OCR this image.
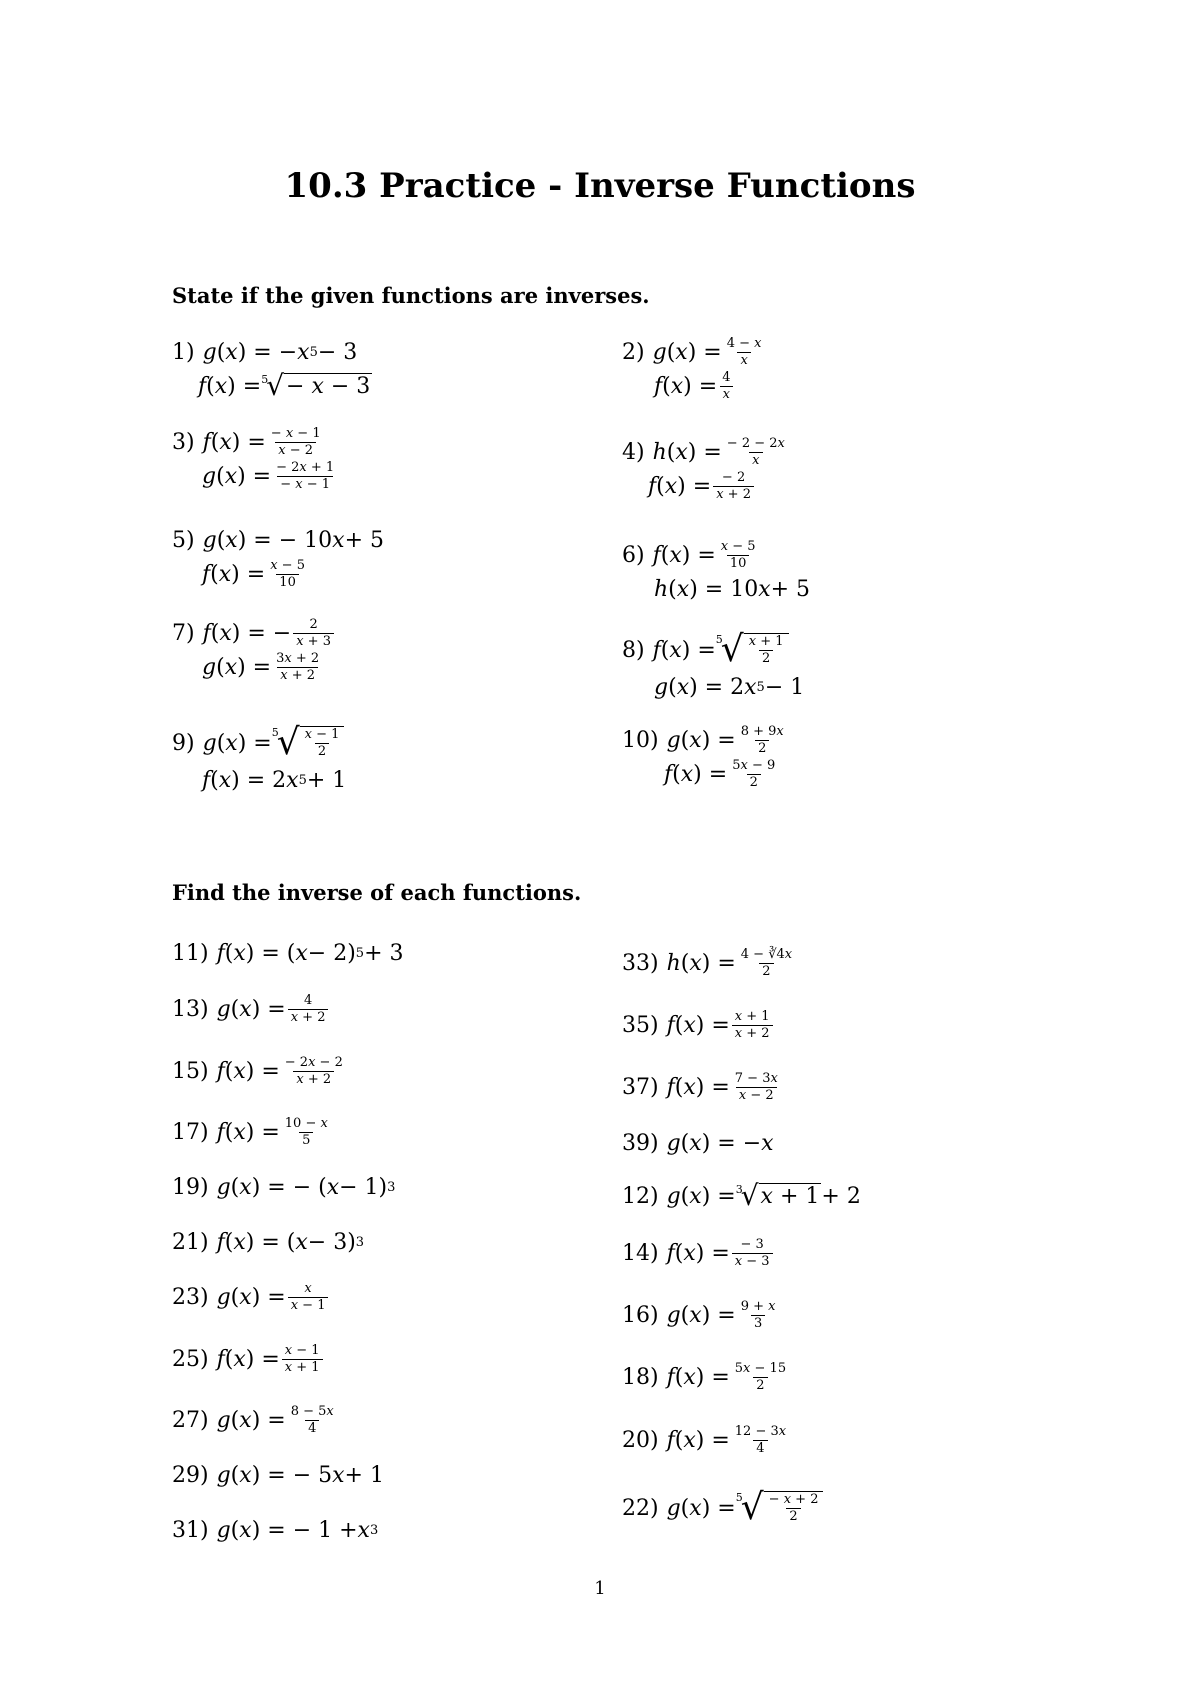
10.3 Practice - Inverse Functions
State if the given functions are inverses.
Find the inverse of each functions.
1) g ( x ) = − x 5 − 3
f ( x ) = 5
√ − x − 3
2) g ( x ) = $\frac{4 - x}{x}$
f ( x ) = $\frac{4}{x}$
3) f ( x ) = $\frac{- x - 1}{x - 2}$
g ( x ) = $\frac{- 2x + 1}{- x - 1}$
4) h ( x ) = $\frac{- 2 - 2x}{x}$
f ( x ) = $\frac{- 2}{x + 2}$
5) g ( x ) = − 10 x + 5
f ( x ) = $\frac{x - 5}{10}$
6) f ( x ) = $\frac{x - 5}{10}$
h ( x ) = 10 x + 5
7) f ( x ) = − $\frac{2}{x + 3}$
g ( x ) = $\frac{3x + 2}{x + 2}$
8) f ( x ) = 5
√ $\frac{x + 1}{2}$
g ( x ) = 2 x 5 − 1
9) g ( x ) = 5
√ $\frac{x - 1}{2}$
f ( x ) = 2 x 5 + 1
10) g ( x ) = $\frac{8 + 9x}{2}$
f ( x ) = $\frac{5x - 9}{2}$
11) f ( x ) = ( x − 2) 5 + 3
13) g ( x ) = $\frac{4}{x + 2}$
15) f ( x ) = $\frac{- 2x - 2}{x + 2}$
17) f ( x ) = $\frac{10 - x}{5}$
19) g ( x ) = − ( x − 1) 3
21) f ( x ) = ( x − 3) 3
23) g ( x ) = $\frac{x}{x - 1}$
25) f ( x ) = $\frac{x - 1}{x + 1}$
27) g ( x ) = $\frac{8 - 5x}{4}$
29) g ( x ) = − 5 x + 1
31) g ( x ) = − 1 + x 3
33) h ( x ) = $\frac{4 - ∛4x}{2}$
35) f ( x ) = $\frac{x + 1}{x + 2}$
37) f ( x ) = $\frac{7 - 3x}{x - 2}$
39) g ( x ) = − x
12) g ( x ) = 3
√ x + 1 + 2
14) f ( x ) = $\frac{- 3}{x - 3}$
16) g ( x ) = $\frac{9 + x}{3}$
18) f ( x ) = $\frac{5x - 15}{2}$
20) f ( x ) = $\frac{12 - 3x}{4}$
22) g ( x ) = 5
√ $\frac{- x + 2}{2}$
1
